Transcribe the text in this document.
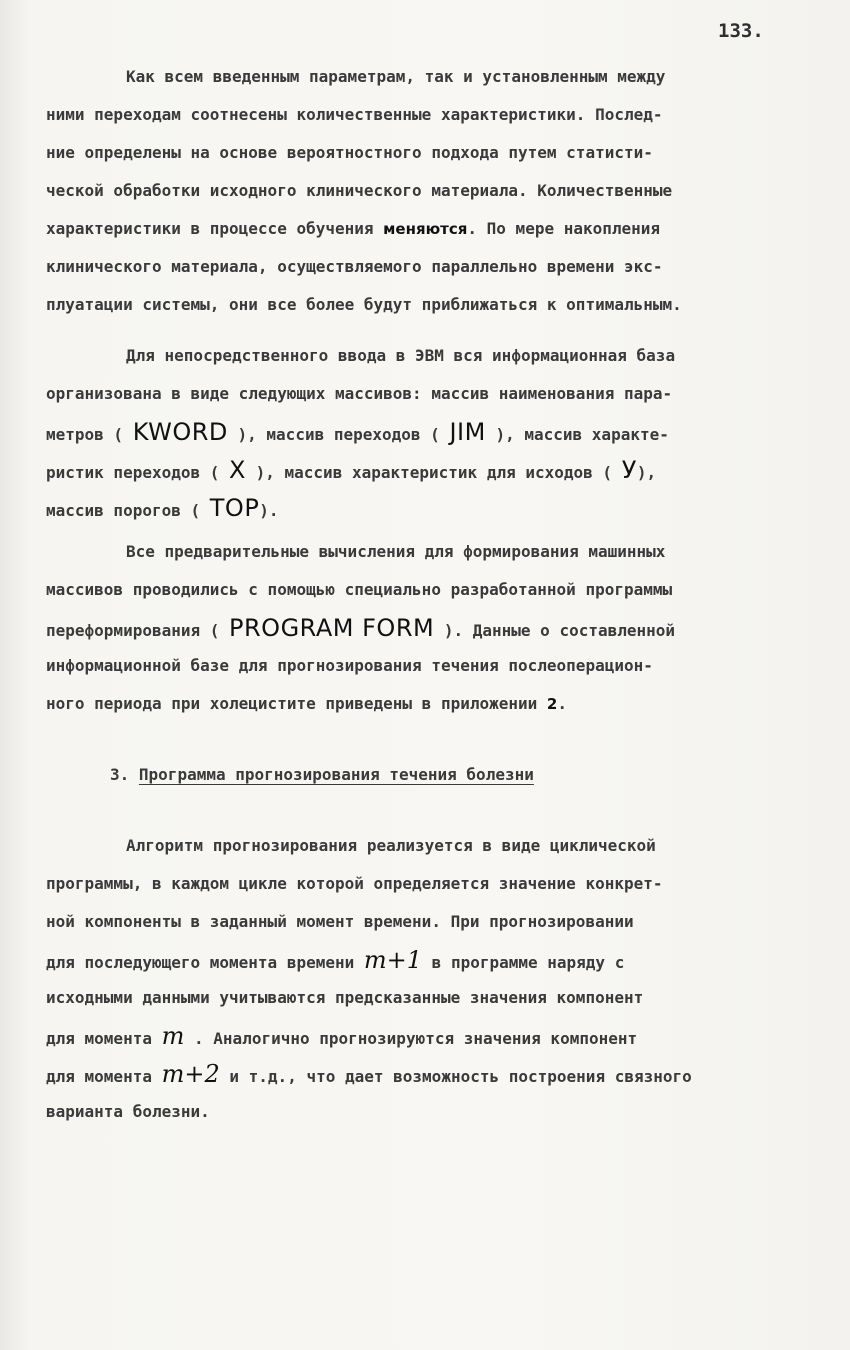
133.
Как всем введенным параметрам, так и установленным между
ними переходам соотнесены количественные характеристики. Послед-
ние определены на основе вероятностного подхода путем статисти-
ческой обработки исходного клинического материала. Количественные
характеристики в процессе обучения меняются. По мере накопления
клинического материала, осуществляемого параллельно времени экс-
плуатации системы, они все более будут приближаться к оптимальным.
Для непосредственного ввода в ЭВМ вся информационная база
организована в виде следующих массивов: массив наименования пара-
метров ( KWORD ), массив переходов ( JIM ), массив характе-
ристик переходов ( X ), массив характеристик для исходов ( У),
массив порогов ( TOP).
Все предварительные вычисления для формирования машинных
массивов проводились с помощью специально разработанной программы
переформирования ( PROGRAM FORM ). Данные о составленной
информационной базе для прогнозирования течения послеоперацион-
ного периода при холецистите приведены в приложении 2.
3. Программа прогнозирования течения болезни
Алгоритм прогнозирования реализуется в виде циклической
программы, в каждом цикле которой определяется значение конкрет-
ной компоненты в заданный момент времени. При прогнозировании
для последующего момента времени m+1 в программе наряду с
исходными данными учитываются предсказанные значения компонент
для момента m . Аналогично прогнозируются значения компонент
для момента m+2 и т.д., что дает возможность построения связного
варианта болезни.
